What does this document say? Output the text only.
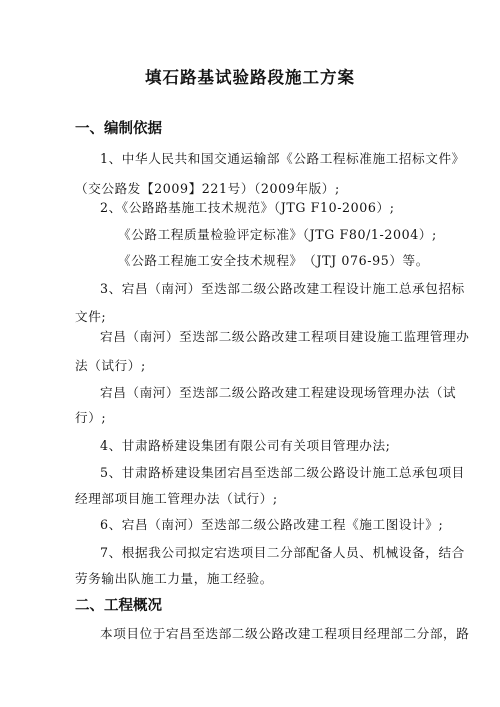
填石路基试验路段施工方案
一、编制依据
1、中华人民共和国交通运输部《公路工程标准施工招标文件》
（交公路发【2009】221号）（2009年版）;
2、《公路路基施工技术规范》（JTG F10-2006）;
《公路工程质量检验评定标准》（JTG F80/1-2004）;
《公路工程施工安全技术规程》　（JTJ 076-95）等。
3、宕昌（南河）至迭部二级公路改建工程设计施工总承包招标
文件;
宕昌（南河）至迭部二级公路改建工程项目建设施工监理管理办
法（试行）;
宕昌（南河）至迭部二级公路改建工程建设现场管理办法（试
行）;
4、甘肃路桥建设集团有限公司有关项目管理办法;
5、甘肃路桥建设集团宕昌至迭部二级公路设计施工总承包项目
经理部项目施工管理办法（试行）;
6、宕昌（南河）至迭部二级公路改建工程《施工图设计》;
7、根据我公司拟定宕迭项目二分部配备人员、机械设备，结合
劳务输出队施工力量，施工经验。
二、工程概况
本项目位于宕昌至迭部二级公路改建工程项目经理部二分部，路
